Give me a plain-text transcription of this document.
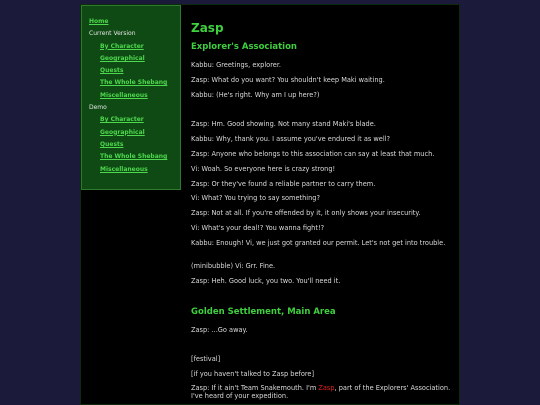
Home
Current Version
By Character
Geographical
Quests
The Whole Shebang
Miscellaneous
Demo
By Character
Geographical
Quests
The Whole Shebang
Miscellaneous
Zasp
Explorer's Association

Kabbu: Greetings, explorer.

Zasp: What do you want? You shouldn't keep Maki waiting.

Kabbu: (He's right. Why am I up here?)

Zasp: Hm. Good showing. Not many stand Maki's blade.

Kabbu: Why, thank you. I assume you've endured it as well?

Zasp: Anyone who belongs to this association can say at least that much.

Vi: Woah. So everyone here is crazy strong!

Zasp: Or they've found a reliable partner to carry them.

Vi: What? You trying to say something?

Zasp: Not at all. If you're offended by it, it only shows your insecurity.

Vi: What's your deal!? You wanna fight!?

Kabbu: Enough! Vi, we just got granted our permit. Let's not get into trouble.

(minibubble) Vi: Grr. Fine.

Zasp: Heh. Good luck, you two. You'll need it.

Golden Settlement, Main Area

Zasp: ...Go away.

[festival]

[if you haven't talked to Zasp before]

Zasp: If it ain't Team Snakemouth. I'm Zasp, part of the Explorers' Association. I've heard of your expedition.
